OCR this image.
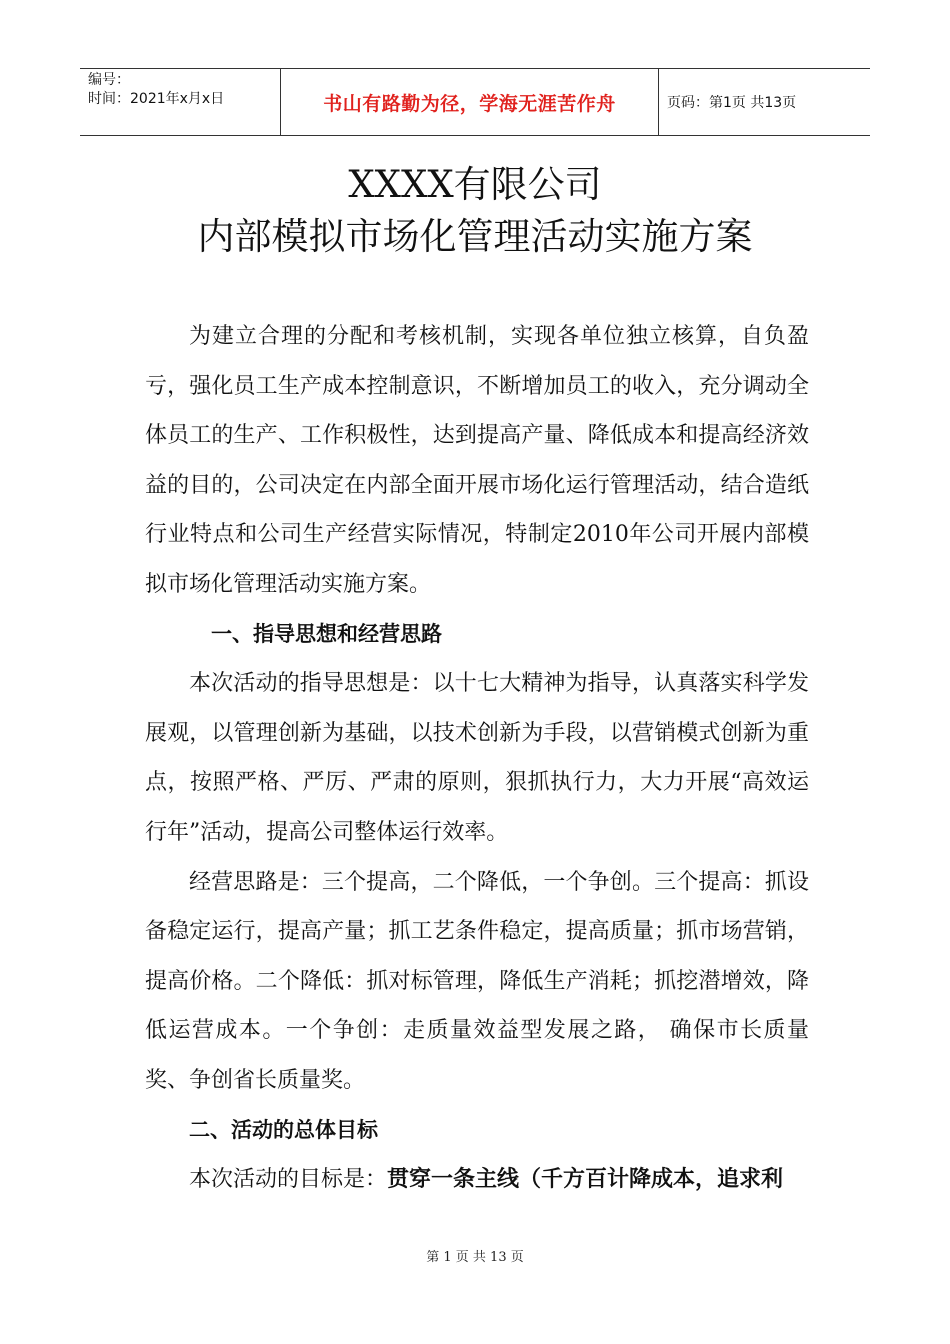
编号：
时间：2021年x月x日	书山有路勤为径，学海无涯苦作舟	页码：第1页 共13页
XXXX有限公司
内部模拟市场化管理活动实施方案

为建立合理的分配和考核机制，实现各单位独立核算，自负盈亏，强化员工生产成本控制意识，不断增加员工的收入，充分调动全体员工的生产、工作积极性，达到提高产量、降低成本和提高经济效益的目的，公司决定在内部全面开展市场化运行管理活动，结合造纸行业特点和公司生产经营实际情况，特制定2010年公司开展内部模拟市场化管理活动实施方案。

一、指导思想和经营思路

本次活动的指导思想是：以十七大精神为指导，认真落实科学发展观，以管理创新为基础，以技术创新为手段，以营销模式创新为重点，按照严格、严厉、严肃的原则，狠抓执行力，大力开展“高效运行年”活动，提高公司整体运行效率。

经营思路是：三个提高，二个降低，一个争创。三个提高：抓设备稳定运行，提高产量；抓工艺条件稳定，提高质量；抓市场营销，提高价格。二个降低：抓对标管理，降低生产消耗；抓挖潜增效，降低运营成本。一个争创：走质量效益型发展之路， 确保市长质量奖、争创省长质量奖。

二、活动的总体目标

本次活动的目标是：贯穿一条主线（千方百计降成本，追求利

第 1 页 共 13 页
